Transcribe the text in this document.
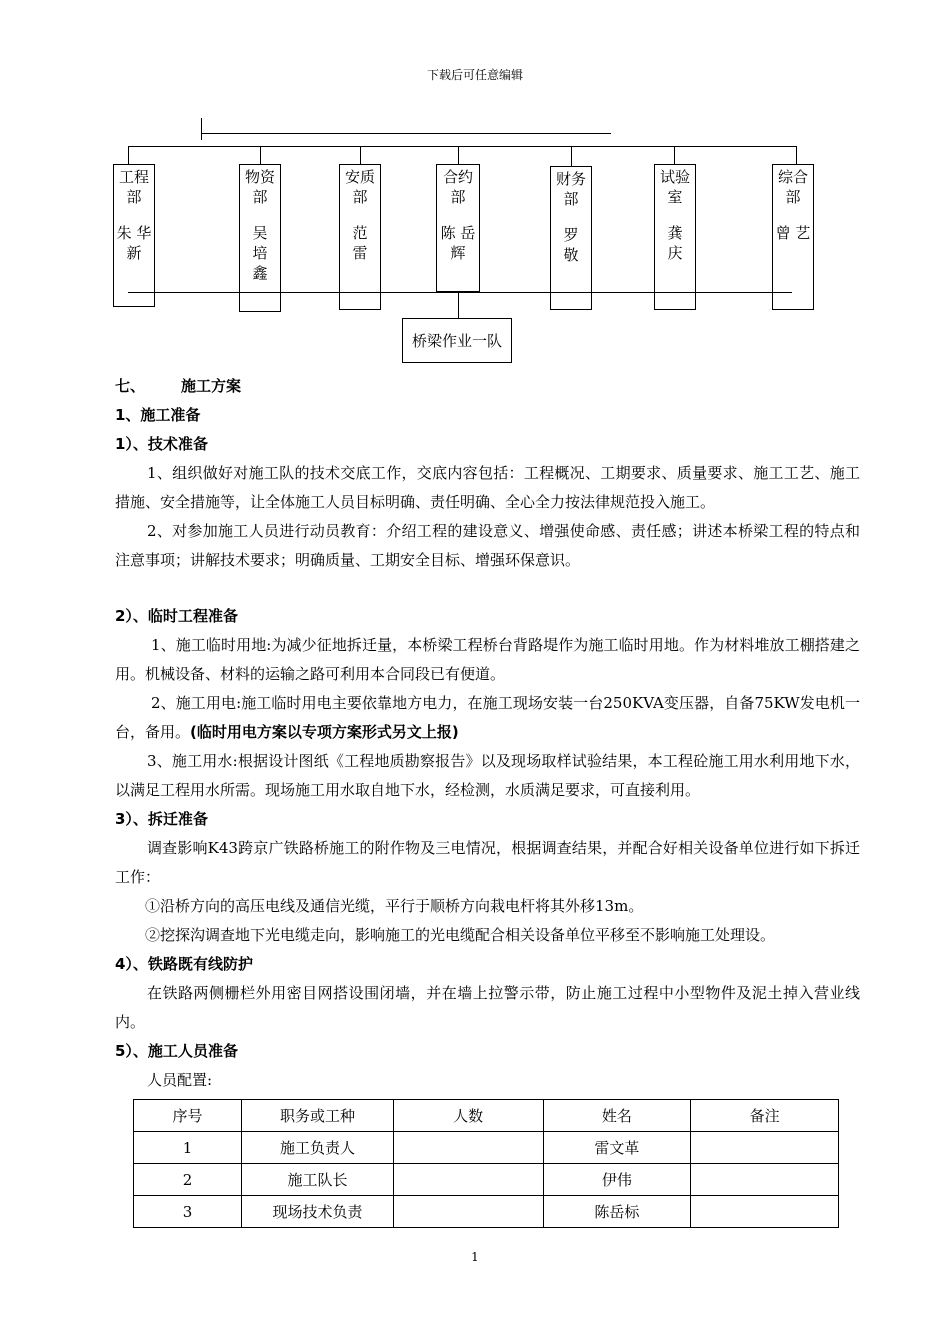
下载后可任意编辑
工程
部
朱 华
新
物资
部
吴
培
鑫
安质
部
范
雷
合约
部
陈 岳
辉
财务
部
罗
敬
试验
室
龚
庆
综合
部
曾 艺
桥梁作业一队
七、 施工方案
1、施工准备
1）、技术准备
1、组织做好对施工队的技术交底工作，交底内容包括：工程概况、工期要求、质量要求、施工工艺、施工措施、安全措施等，让全体施工人员目标明确、责任明确、全心全力按法律规范投入施工。
2、对参加施工人员进行动员教育：介绍工程的建设意义、增强使命感、责任感；讲述本桥梁工程的特点和注意事项；讲解技术要求；明确质量、工期安全目标、增强环保意识。
2）、临时工程准备
1、施工临时用地:为减少征地拆迁量，本桥梁工程桥台背路堤作为施工临时用地。作为材料堆放工棚搭建之用。机械设备、材料的运输之路可利用本合同段已有便道。
2、施工用电:施工临时用电主要依靠地方电力，在施工现场安装一台250KVA变压器，自备75KW发电机一台，备用。(临时用电方案以专项方案形式另文上报)
3、施工用水:根据设计图纸《工程地质勘察报告》以及现场取样试验结果，本工程砼施工用水利用地下水，以满足工程用水所需。现场施工用水取自地下水，经检测，水质满足要求，可直接利用。
3）、拆迁准备
调查影响K43跨京广铁路桥施工的附作物及三电情况，根据调查结果，并配合好相关设备单位进行如下拆迁工作：
①沿桥方向的高压电线及通信光缆，平行于顺桥方向栽电杆将其外移13m。
②挖探沟调查地下光电缆走向，影响施工的光电缆配合相关设备单位平移至不影响施工处理设。
4）、铁路既有线防护
在铁路两侧栅栏外用密目网搭设围闭墙，并在墙上拉警示带，防止施工过程中小型物件及泥土掉入营业线内。
5）、施工人员准备
人员配置:
序号	职务或工种	人数	姓名	备注
1	施工负责人		雷文革	
2	施工队长		伊伟	
3	现场技术负责		陈岳标	
1
